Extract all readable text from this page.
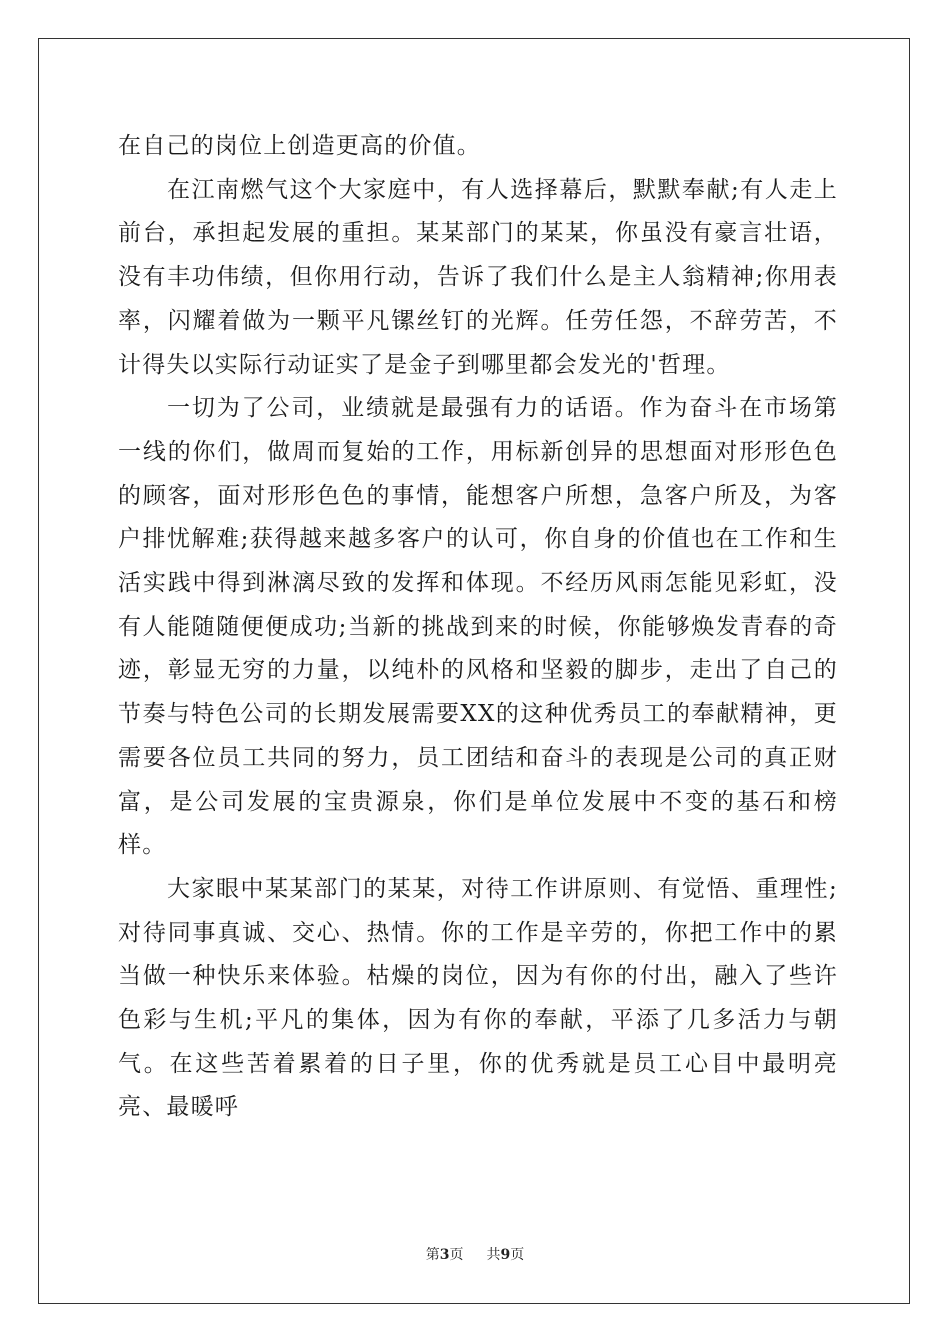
在自己的岗位上创造更高的价值。

在江南燃气这个大家庭中，有人选择幕后，默默奉献;有人走上前台，承担起发展的重担。某某部门的某某，你虽没有豪言壮语，没有丰功伟绩，但你用行动，告诉了我们什么是主人翁精神;你用表率，闪耀着做为一颗平凡镙丝钉的光辉。任劳任怨，不辞劳苦，不计得失以实际行动证实了是金子到哪里都会发光的'哲理。

一切为了公司，业绩就是最强有力的话语。作为奋斗在市场第一线的你们，做周而复始的工作，用标新创异的思想面对形形色色的顾客，面对形形色色的事情，能想客户所想，急客户所及，为客户排忧解难;获得越来越多客户的认可，你自身的价值也在工作和生活实践中得到淋漓尽致的发挥和体现。不经历风雨怎能见彩虹，没有人能随随便便成功;当新的挑战到来的时候，你能够焕发青春的奇迹，彰显无穷的力量，以纯朴的风格和坚毅的脚步，走出了自己的节奏与特色公司的长期发展需要XX的这种优秀员工的奉献精神，更需要各位员工共同的努力，员工团结和奋斗的表现是公司的真正财富，是公司发展的宝贵源泉，你们是单位发展中不变的基石和榜样。

大家眼中某某部门的某某，对待工作讲原则、有觉悟、重理性;对待同事真诚、交心、热情。你的工作是辛劳的，你把工作中的累当做一种快乐来体验。枯燥的岗位，因为有你的付出，融入了些许色彩与生机;平凡的集体，因为有你的奉献，平添了几多活力与朝气。在这些苦着累着的日子里，你的优秀就是员工心目中最明亮亮、最暖呼

第3页 共9页
